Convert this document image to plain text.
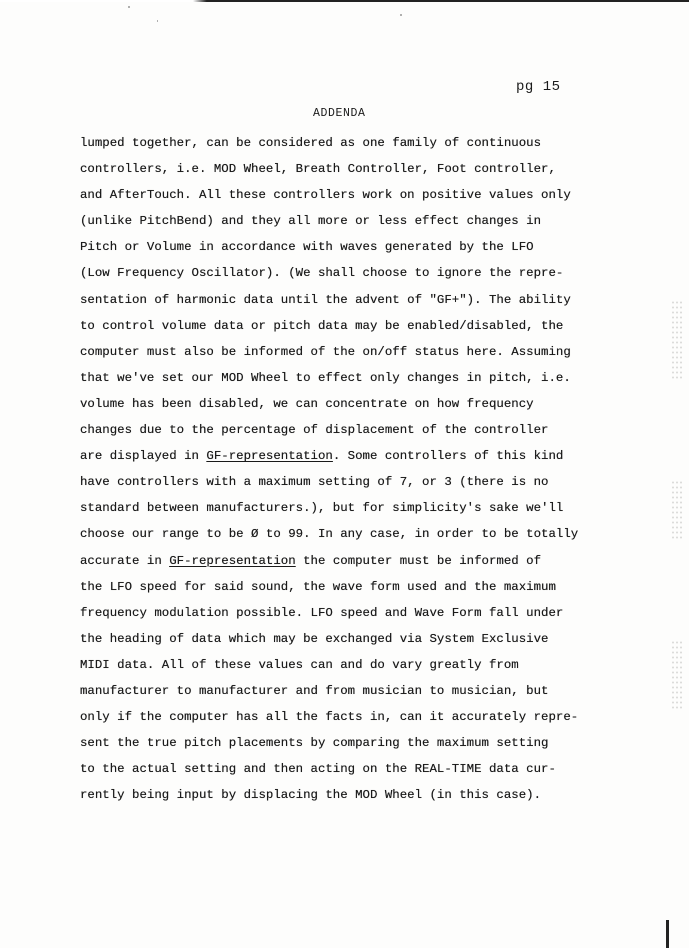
pg 15
ADDENDA
lumped together, can be considered as one family of continuous
controllers, i.e. MOD Wheel, Breath Controller, Foot controller,
and AfterTouch. All these controllers work on positive values only
(unlike PitchBend) and they all more or less effect changes in
Pitch or Volume in accordance with waves generated by the LFO
(Low Frequency Oscillator). (We shall choose to ignore the repre-
sentation of harmonic data until the advent of "GF+"). The ability
to control volume data or pitch data may be enabled/disabled, the
computer must also be informed of the on/off status here. Assuming
that we've set our MOD Wheel to effect only changes in pitch, i.e.
volume has been disabled, we can concentrate on how frequency
changes due to the percentage of displacement of the controller
are displayed in GF-representation. Some controllers of this kind
have controllers with a maximum setting of 7, or 3 (there is no
standard between manufacturers.), but for simplicity's sake we'll
choose our range to be Ø to 99. In any case, in order to be totally
accurate in GF-representation the computer must be informed of
the LFO speed for said sound, the wave form used and the maximum
frequency modulation possible. LFO speed and Wave Form fall under
the heading of data which may be exchanged via System Exclusive
MIDI data. All of these values can and do vary greatly from
manufacturer to manufacturer and from musician to musician, but
only if the computer has all the facts in, can it accurately repre-
sent the true pitch placements by comparing the maximum setting
to the actual setting and then acting on the REAL-TIME data cur-
rently being input by displacing the MOD Wheel (in this case).
